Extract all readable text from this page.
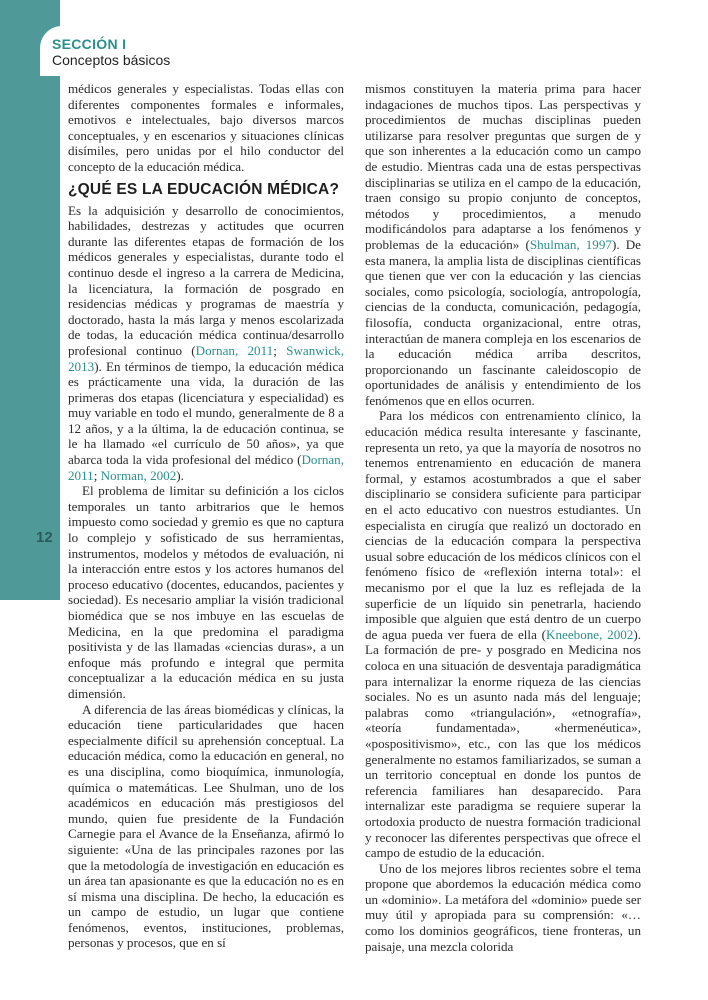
SECCIÓN I
Conceptos básicos
12

médicos generales y especialistas. Todas ellas con diferentes componentes formales e informales, emotivos e intelectuales, bajo diversos marcos conceptuales, y en escenarios y situaciones clínicas disímiles, pero unidas por el hilo conductor del concepto de la educación médica.

¿QUÉ ES LA EDUCACIÓN MÉDICA?

Es la adquisición y desarrollo de conocimientos, habilidades, destrezas y actitudes que ocurren durante las diferentes etapas de formación de los médicos generales y especialistas, durante todo el continuo desde el ingreso a la carrera de Medicina, la licenciatura, la formación de posgrado en residencias médicas y programas de maestría y doctorado, hasta la más larga y menos escolarizada de todas, la educación médica continua/desarrollo profesional continuo (Dornan, 2011; Swanwick, 2013). En términos de tiempo, la educación médica es prácticamente una vida, la duración de las primeras dos etapas (licenciatura y especialidad) es muy variable en todo el mundo, generalmente de 8 a 12 años, y a la última, la de educación continua, se le ha llamado «el currículo de 50 años», ya que abarca toda la vida profesional del médico (Dornan, 2011; Norman, 2002).

El problema de limitar su definición a los ciclos temporales un tanto arbitrarios que le hemos impuesto como sociedad y gremio es que no captura lo complejo y sofisticado de sus herramientas, instrumentos, modelos y métodos de evaluación, ni la interacción entre estos y los actores humanos del proceso educativo (docentes, educandos, pacientes y sociedad). Es necesario ampliar la visión tradicional biomédica que se nos imbuye en las escuelas de Medicina, en la que predomina el paradigma positivista y de las llamadas «ciencias duras», a un enfoque más profundo e integral que permita conceptualizar a la educación médica en su justa dimensión.

A diferencia de las áreas biomédicas y clínicas, la educación tiene particularidades que hacen especialmente difícil su aprehensión conceptual. La educación médica, como la educación en general, no es una disciplina, como bioquímica, inmunología, química o matemáticas. Lee Shulman, uno de los académicos en educación más prestigiosos del mundo, quien fue presidente de la Fundación Carnegie para el Avance de la Enseñanza, afirmó lo siguiente: «Una de las principales razones por las que la metodología de investigación en educación es un área tan apasionante es que la educación no es en sí misma una disciplina. De hecho, la educación es un campo de estudio, un lugar que contiene fenómenos, eventos, instituciones, problemas, personas y procesos, que en sí

mismos constituyen la materia prima para hacer indagaciones de muchos tipos. Las perspectivas y procedimientos de muchas disciplinas pueden utilizarse para resolver preguntas que surgen de y que son inherentes a la educación como un campo de estudio. Mientras cada una de estas perspectivas disciplinarias se utiliza en el campo de la educación, traen consigo su propio conjunto de conceptos, métodos y procedimientos, a menudo modificándolos para adaptarse a los fenómenos y problemas de la educación» (Shulman, 1997). De esta manera, la amplia lista de disciplinas científicas que tienen que ver con la educación y las ciencias sociales, como psicología, sociología, antropología, ciencias de la conducta, comunicación, pedagogía, filosofía, conducta organizacional, entre otras, interactúan de manera compleja en los escenarios de la educación médica arriba descritos, proporcionando un fascinante caleidoscopio de oportunidades de análisis y entendimiento de los fenómenos que en ellos ocurren.

Para los médicos con entrenamiento clínico, la educación médica resulta interesante y fascinante, representa un reto, ya que la mayoría de nosotros no tenemos entrenamiento en educación de manera formal, y estamos acostumbrados a que el saber disciplinario se considera suficiente para participar en el acto educativo con nuestros estudiantes. Un especialista en cirugía que realizó un doctorado en ciencias de la educación compara la perspectiva usual sobre educación de los médicos clínicos con el fenómeno físico de «reflexión interna total»: el mecanismo por el que la luz es reflejada de la superficie de un líquido sin penetrarla, haciendo imposible que alguien que está dentro de un cuerpo de agua pueda ver fuera de ella (Kneebone, 2002). La formación de pre- y posgrado en Medicina nos coloca en una situación de desventaja paradigmática para internalizar la enorme riqueza de las ciencias sociales. No es un asunto nada más del lenguaje; palabras como «triangulación», «etnografía», «teoría fundamentada», «hermenéutica», «pospositivismo», etc., con las que los médicos generalmente no estamos familiarizados, se suman a un territorio conceptual en donde los puntos de referencia familiares han desaparecido. Para internalizar este paradigma se requiere superar la ortodoxia producto de nuestra formación tradicional y reconocer las diferentes perspectivas que ofrece el campo de estudio de la educación.

Uno de los mejores libros recientes sobre el tema propone que abordemos la educación médica como un «dominio». La metáfora del «dominio» puede ser muy útil y apropiada para su comprensión: «… como los dominios geográficos, tiene fronteras, un paisaje, una mezcla colorida
